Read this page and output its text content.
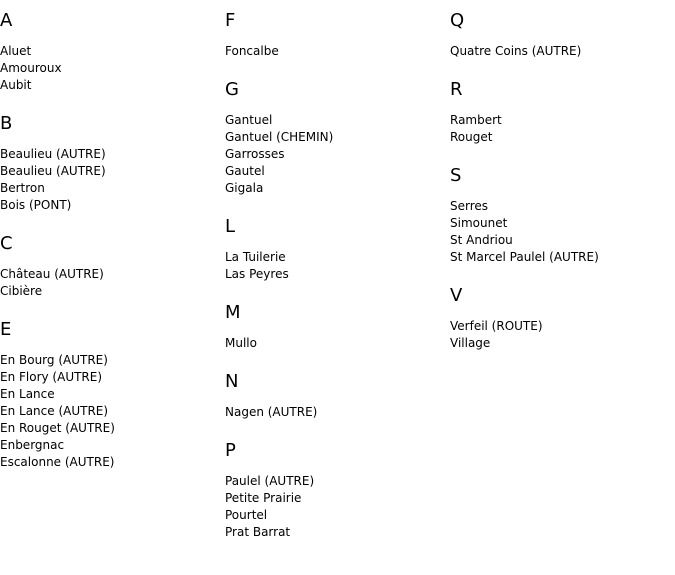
A
Aluet
Amouroux
Aubit
B
Beaulieu (AUTRE)
Beaulieu (AUTRE)
Bertron
Bois (PONT)
C
Château (AUTRE)
Cibière
E
En Bourg (AUTRE)
En Flory (AUTRE)
En Lance
En Lance (AUTRE)
En Rouget (AUTRE)
Enbergnac
Escalonne (AUTRE)
F
Foncalbe
G
Gantuel
Gantuel (CHEMIN)
Garrosses
Gautel
Gigala
L
La Tuilerie
Las Peyres
M
Mullo
N
Nagen (AUTRE)
P
Paulel (AUTRE)
Petite Prairie
Pourtel
Prat Barrat
Q
Quatre Coins (AUTRE)
R
Rambert
Rouget
S
Serres
Simounet
St Andriou
St Marcel Paulel (AUTRE)
V
Verfeil (ROUTE)
Village
